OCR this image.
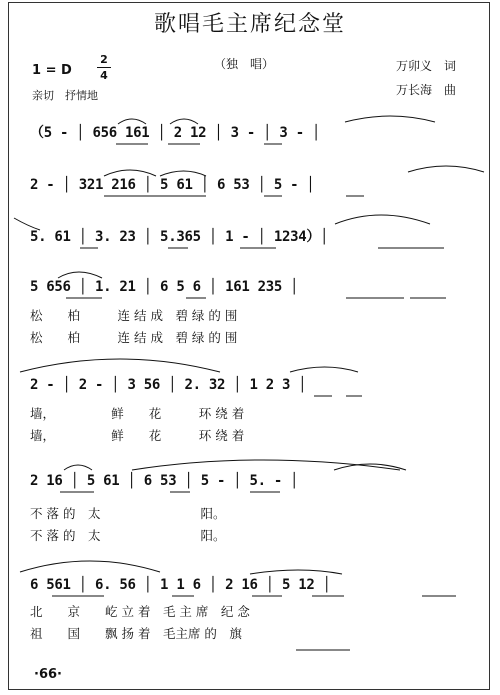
歌唱毛主席纪念堂
1 = D
2
4
亲切　抒情地
（独　唱）	万卯义　词
万长海　曲
（5 - │ 656 161 │ 2 12 │ 3 - │ 3 - │
2 - │ 321 216 │ 5 61 │ 6 53 │ 5 - │
5. 61 │ 3. 23 │ 5.365 │ 1 - │ 1234）│
5 656 │ 1. 21 │ 6 5 6 │ 161 235 │
松　　柏　　　连 结 成　碧 绿 的 围
松　　柏　　　连 结 成　碧 绿 的 围
2 - │ 2 - │ 3 56 │ 2. 32 │ 1 2 3 │
墙，　　　　　鲜　　花　　　环 绕 着
墙，　　　　　鲜　　花　　　环 绕 着
2 16 │ 5 61 │ 6 53 │ 5 - │ 5. - │
不 落 的　太　　　　　　　　阳。
不 落 的　太　　　　　　　　阳。
6 561 │ 6. 56 │ 1 1 6 │ 2 16 │ 5 12 │
北　　京　　屹 立 着　毛 主 席　纪 念
祖　　国　　飘 扬 着　毛主席 的　旗
·66·
